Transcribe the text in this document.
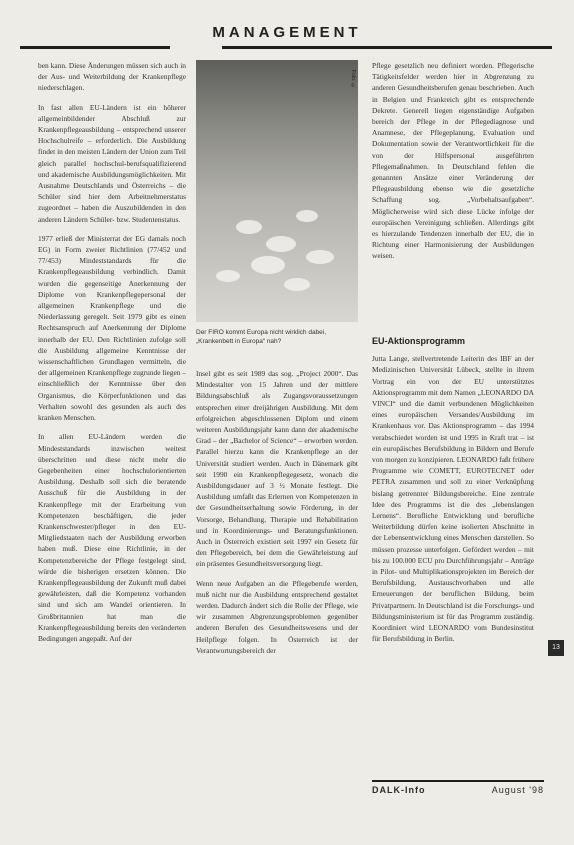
MANAGEMENT

ben kann. Diese Änderungen müssen sich auch in der Aus- und Weiterbildung der Krankenpflege niederschlagen.

In fast allen EU-Ländern ist ein höherer allgemeinbildender Abschluß zur Krankenpflegeausbildung – entsprechend unserer Hochschulreife – erforderlich. Die Ausbildung findet in den meisten Ländern der Union zum Teil gleich parallel hochschul-berufsqualifizierend und akademische Ausbildungsmöglichkeiten. Mit Ausnahme Deutschlands und Österreichs – die Schüler sind hier dem Arbeitnehmerstatus zugeordnet – haben die Auszubildenden in den anderen Ländern Schüler- bzw. Studentenstatus.

1977 erließ der Ministerrat der EG damals noch EG) in Form zweier Richtlinien (77/452 und 77/453) Mindeststandards für die Krankenpflegeausbildung verbindlich. Damit wurden die gegenseitige Anerkennung der Diplome von Krankenpflegepersonal der allgemeinen Krankenpflege und die Niederlassung geregelt. Seit 1979 gibt es einen Rechtsanspruch auf Anerkennung der Diplome innerhalb der EU. Den Richtlinien zufolge soll die Ausbildung allgemeine Kenntnisse der wissenschaftlichen Grundlagen vermitteln, die der allgemeinen Krankenpflege zugrunde liegen – einschließlich der Kenntnisse über den Organismus, die Körperfunktionen und das Verhalten sowohl des gesunden als auch des kranken Menschen.

In allen EU-Ländern werden die Mindeststandards inzwischen weitest überschritten und diese nicht mehr die Gegebenheiten einer hochschulorientierten Ausbildung. Deshalb soll sich die beratende Ausschuß für die Ausbildung in der Krankenpflege mit der Erarbeitung von Kompetenzen beschäftigen, die jeder Krankenschwester/pfleger in den EU-Mitgliedstaaten nach der Ausbildung erworben haben muß. Diese eine Richtlinie, in der Kompetenzbereiche der Pflege festgelegt sind, würde die bisherigen ersetzen können. Die Krankenpflegeausbildung der Zukunft muß dabei gewährleisten, daß die Kompetenz vorhanden sind und sich am Wandel orientieren. In Großbritannien hat man die Krankenpflegeausbildung bereits den veränderten Bedingungen angepaßt. Auf der

Foto: ©
Der FIRO kommt Europa nicht wirklich dabei, „Krankenbett in Europa“ nah?

Insel gibt es seit 1989 das sog. „Project 2000“. Das Mindestalter von 15 Jahren und der mittlere Bildungsabschluß als Zugangsvoraussetzungen entsprechen einer dreijährigen Ausbildung. Mit dem erfolgreichen abgeschlossenen Diplom und einem weiteren Ausbildungsjahr kann dann der akademische Grad – der „Bachelor of Science“ – erworben werden. Parallel hierzu kann die Krankenpflege an der Universität studiert werden. Auch in Dänemark gibt seit 1990 ein Krankenpflegegesetz, wonach die Ausbildungsdauer auf 3 ½ Monate festlegt. Die Ausbildung umfaßt das Erlernen von Kompetenzen in der Gesundheitserhaltung sowie Förderung, in der Vorsorge, Behandlung, Therapie und Rehabilitation und in Koordinierungs- und Beratungsfunktionen. Auch in Österreich existiert seit 1997 ein Gesetz für den Pflegebereich, bei dem die Gewährleistung auf ein präsentes Gesundheitsversorgung liegt.

Wenn neue Aufgaben an die Pflegeberufe werden, muß nicht nur die Ausbildung entsprechend gestaltet werden. Dadurch ändert sich die Rolle der Pflege, wie wir zusammen Abgrenzungsproblemen gegenüber anderen Berufen des Gesundheitswesens und der Heilpflege folgen. In Österreich ist der Verantwortungsbereich der

Pflege gesetzlich neu definiert worden. Pflegerische Tätigkeitsfelder werden hier in Abgrenzung zu anderen Gesundheitsberufen genau beschrieben. Auch in Belgien und Frankreich gibt es entsprechende Dekrete. Generell liegen eigenständige Aufgaben bereich der Pflege in der Pflegediagnose und Anamnese, der Pflegeplanung, Evaluation und Dokumentation sowie der Verantwortlichkeit für die von der Hilfspersonal ausgeführten Pflegemaßnahmen. In Deutschland fehlen die genannten Ansätze einer Veränderung der Pflegeausbildung ebenso wie die gesetzliche Schaffung sog. „Vorbehaltsaufgaben“. Möglicherweise wird sich diese Lücke infolge der europäischen Vereinigung schließen. Allerdings gibt es hierzulande Tendenzen innerhalb der EU, die in Richtung einer Harmonisierung der Ausbildungen weisen.

EU-Aktionsprogramm

Jutta Lange, stellvertretende Leiterin des IBF an der Medizinischen Universität Lübeck, stellte in ihrem Vortrag ein von der EU unterstütztes Aktionsprogramm mit dem Namen „LEONARDO DA VINCI“ und die damit verbundenen Möglichkeiten eines europäischen Versandes/Ausbildung im Krankenhaus vor. Das Aktionsprogramm – das 1994 verabschiedet worden ist und 1995 in Kraft trat – ist ein europäisches Berufsbildung in Bildern und Berufe von morgen zu konzipieren. LEONARDO faßt frühere Programme wie COMETT, EUROTECNET oder PETRA zusammen und soll zu einer Verknüpfung bislang getrennter Bildungsbereiche. Eine zentrale Idee des Programms ist die des „lebenslangen Lernens“. Berufliche Entwicklung und berufliche Weiterbildung dürfen keine isolierten Abschnitte in der Lebensentwicklung eines Menschen darstellen. So müssen prozesse unterfolgen. Gefördert werden – mit bis zu 100.000 ECU pro Durchführungsjahr – Anträge in Pilot- und Multiplikationsprojekten im Bereich der Berufsbildung, Austauschvorhaben und alle Erneuerungen der beruflichen Bildung, beim Privatpartnern. In Deutschland ist die Forschungs- und Bildungsministerium ist für das Programm zuständig. Koordiniert wird LEONARDO vom Bundesinstitut für Berufsbildung in Berlin.

13
DALK-Info	August '98
